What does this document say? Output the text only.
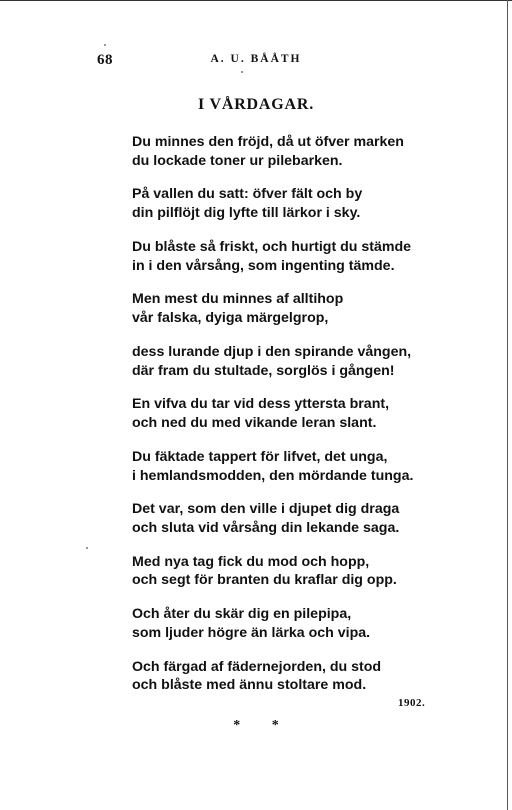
68	A. U. BÅÅTH
I VÅRDAGAR.
Du minnes den fröjd, då ut öfver marken
du lockade toner ur pilebarken.
På vallen du satt: öfver fält och by
din pilflöjt dig lyfte till lärkor i sky.
Du blåste så friskt, och hurtigt du stämde
in i den vårsång, som ingenting tämde.
Men mest du minnes af alltihop
vår falska, dyiga märgelgrop,
dess lurande djup i den spirande vången,
där fram du stultade, sorglös i gången!
En vifva du tar vid dess yttersta brant,
och ned du med vikande leran slant.
Du fäktade tappert för lifvet, det unga,
i hemlandsmodden, den mördande tunga.
Det var, som den ville i djupet dig draga
och sluta vid vårsång din lekande saga.
Med nya tag fick du mod och hopp,
och segt för branten du kraflar dig opp.
Och åter du skär dig en pilepipa,
som ljuder högre än lärka och vipa.
Och färgad af fädernejorden, du stod
och blåste med ännu stoltare mod.
1902.
* *
